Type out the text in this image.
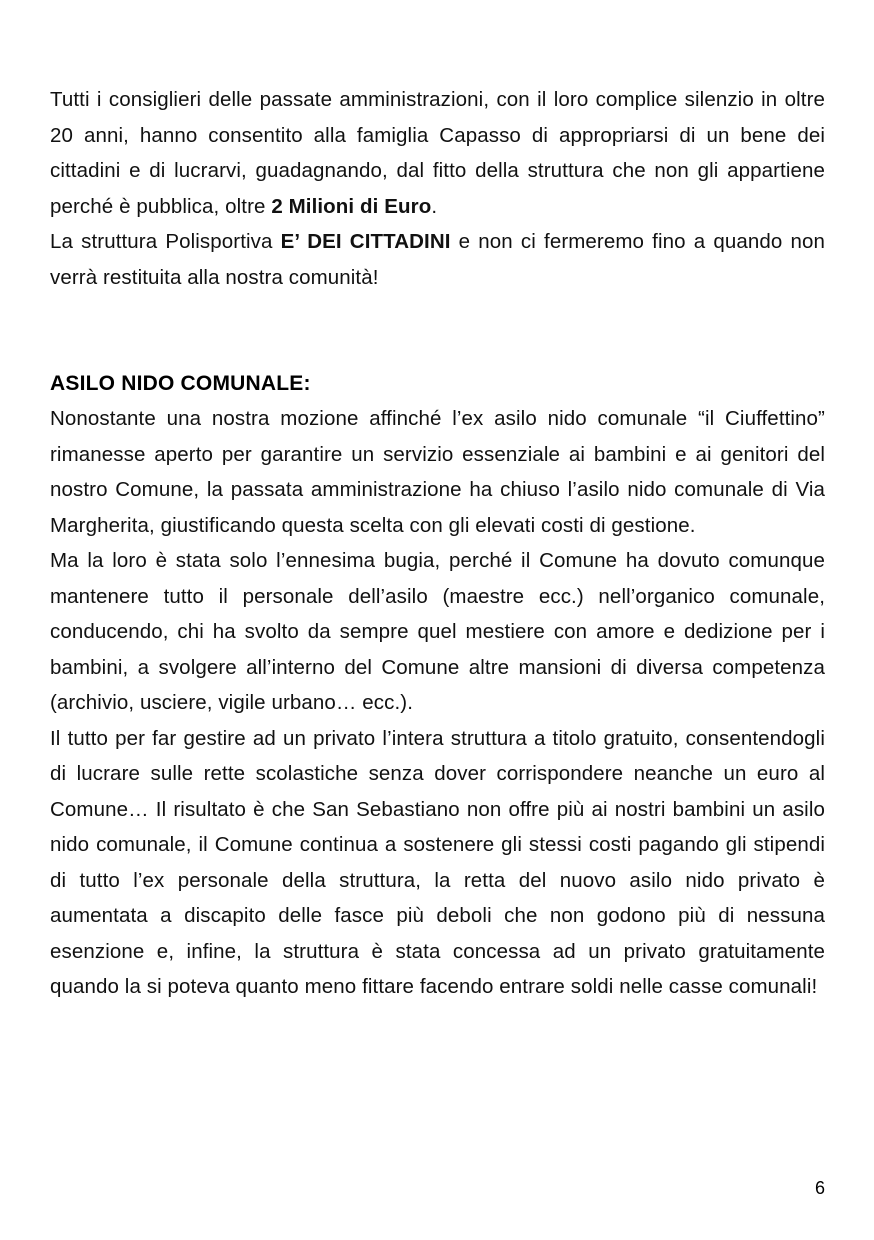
Tutti i consiglieri delle passate amministrazioni, con il loro complice silenzio in oltre 20 anni, hanno consentito alla famiglia Capasso di appropriarsi di un bene dei cittadini e di lucrarvi, guadagnando, dal fitto della struttura che non gli appartiene perché è pubblica, oltre 2 Milioni di Euro.

La struttura Polisportiva E’ DEI CITTADINI e non ci fermeremo fino a quando non verrà restituita alla nostra comunità!

ASILO NIDO COMUNALE:

Nonostante una nostra mozione affinché l’ex asilo nido comunale “il Ciuffettino” rimanesse aperto per garantire un servizio essenziale ai bambini e ai genitori del nostro Comune, la passata amministrazione ha chiuso l’asilo nido comunale di Via Margherita, giustificando questa scelta con gli elevati costi di gestione.

Ma la loro è stata solo l’ennesima bugia, perché il Comune ha dovuto comunque mantenere tutto il personale dell’asilo (maestre ecc.) nell’organico comunale, conducendo, chi ha svolto da sempre quel mestiere con amore e dedizione per i bambini, a svolgere all’interno del Comune altre mansioni di diversa competenza (archivio, usciere, vigile urbano… ecc.).

Il tutto per far gestire ad un privato l’intera struttura a titolo gratuito, consentendogli di lucrare sulle rette scolastiche senza dover corrispondere neanche un euro al Comune… Il risultato è che San Sebastiano non offre più ai nostri bambini un asilo nido comunale, il Comune continua a sostenere gli stessi costi pagando gli stipendi di tutto l’ex personale della struttura, la retta del nuovo asilo nido privato è aumentata a discapito delle fasce più deboli che non godono più di nessuna esenzione e, infine, la struttura è stata concessa ad un privato gratuitamente quando la si poteva quanto meno fittare facendo entrare soldi nelle casse comunali!

6
